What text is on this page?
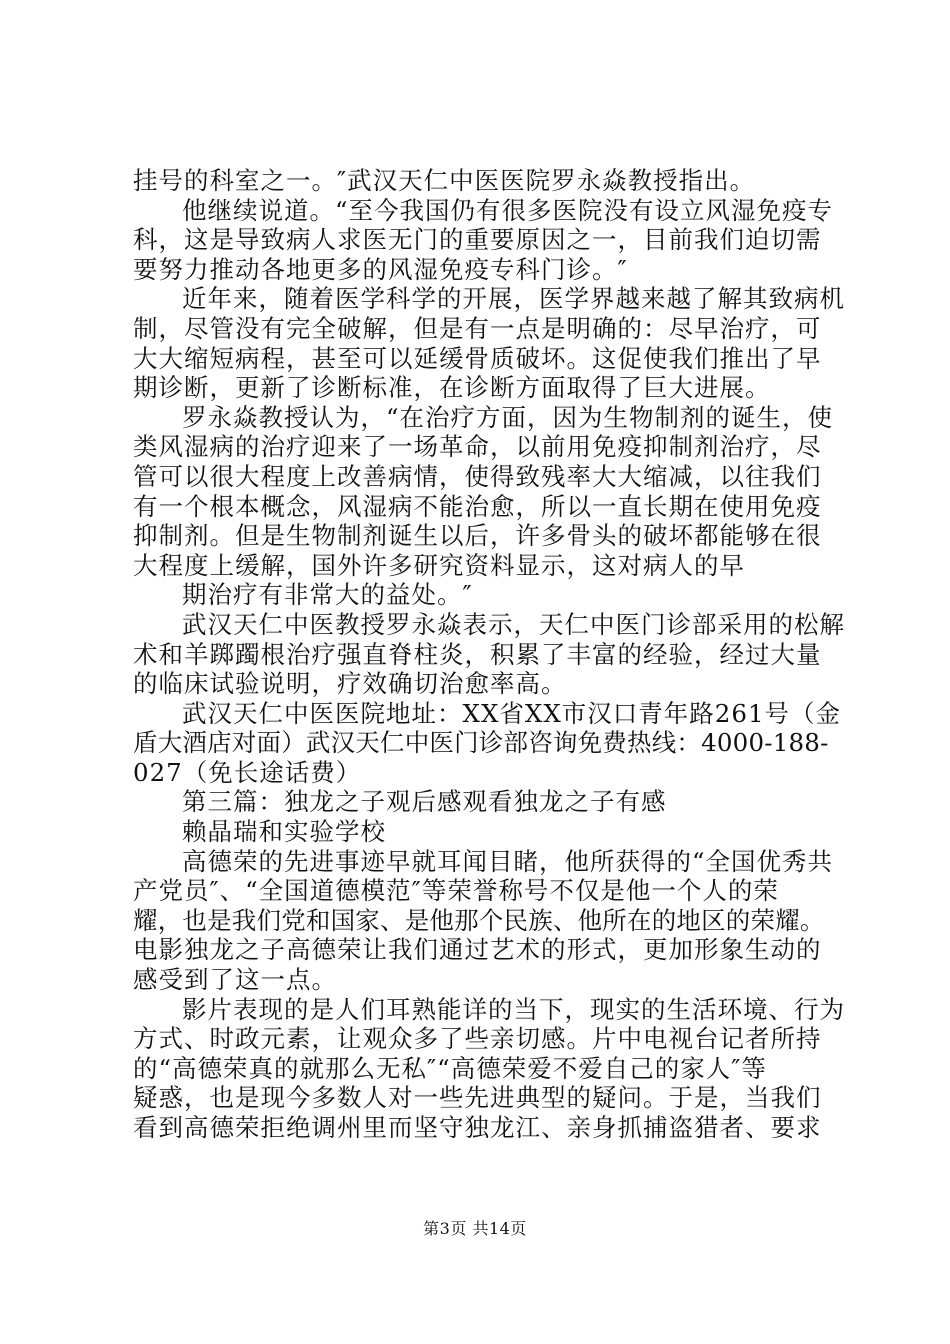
挂号的科室之一。″武汉天仁中医医院罗永焱教授指出。
他继续说道。“至今我国仍有很多医院没有设立风湿免疫专
科，这是导致病人求医无门的重要原因之一，目前我们迫切需
要努力推动各地更多的风湿免疫专科门诊。″
近年来，随着医学科学的开展，医学界越来越了解其致病机
制，尽管没有完全破解，但是有一点是明确的：尽早治疗，可
大大缩短病程，甚至可以延缓骨质破坏。这促使我们推出了早
期诊断，更新了诊断标准，在诊断方面取得了巨大进展。
罗永焱教授认为，“在治疗方面，因为生物制剂的诞生，使
类风湿病的治疗迎来了一场革命，以前用免疫抑制剂治疗，尽
管可以很大程度上改善病情，使得致残率大大缩减，以往我们
有一个根本概念，风湿病不能治愈，所以一直长期在使用免疫
抑制剂。但是生物制剂诞生以后，许多骨头的破坏都能够在很
大程度上缓解，国外许多研究资料显示，这对病人的早
期治疗有非常大的益处。″
武汉天仁中医教授罗永焱表示，天仁中医门诊部采用的松解
术和羊踯躅根治疗强直脊柱炎，积累了丰富的经验，经过大量
的临床试验说明，疗效确切治愈率高。
武汉天仁中医医院地址：XX省XX市汉口青年路261号（金
盾大酒店对面）武汉天仁中医门诊部咨询免费热线：4000-188-
027（免长途话费）
第三篇：独龙之子观后感观看独龙之子有感
赖晶瑞和实验学校
高德荣的先进事迹早就耳闻目睹，他所获得的“全国优秀共
产党员″、“全国道德模范″等荣誉称号不仅是他一个人的荣
耀，也是我们党和国家、是他那个民族、他所在的地区的荣耀。
电影独龙之子高德荣让我们通过艺术的形式，更加形象生动的
感受到了这一点。
影片表现的是人们耳熟能详的当下，现实的生活环境、行为
方式、时政元素，让观众多了些亲切感。片中电视台记者所持
的“高德荣真的就那么无私″“高德荣爱不爱自己的家人″等
疑惑，也是现今多数人对一些先进典型的疑问。于是，当我们
看到高德荣拒绝调州里而坚守独龙江、亲身抓捕盗猎者、要求
第3页 共14页
